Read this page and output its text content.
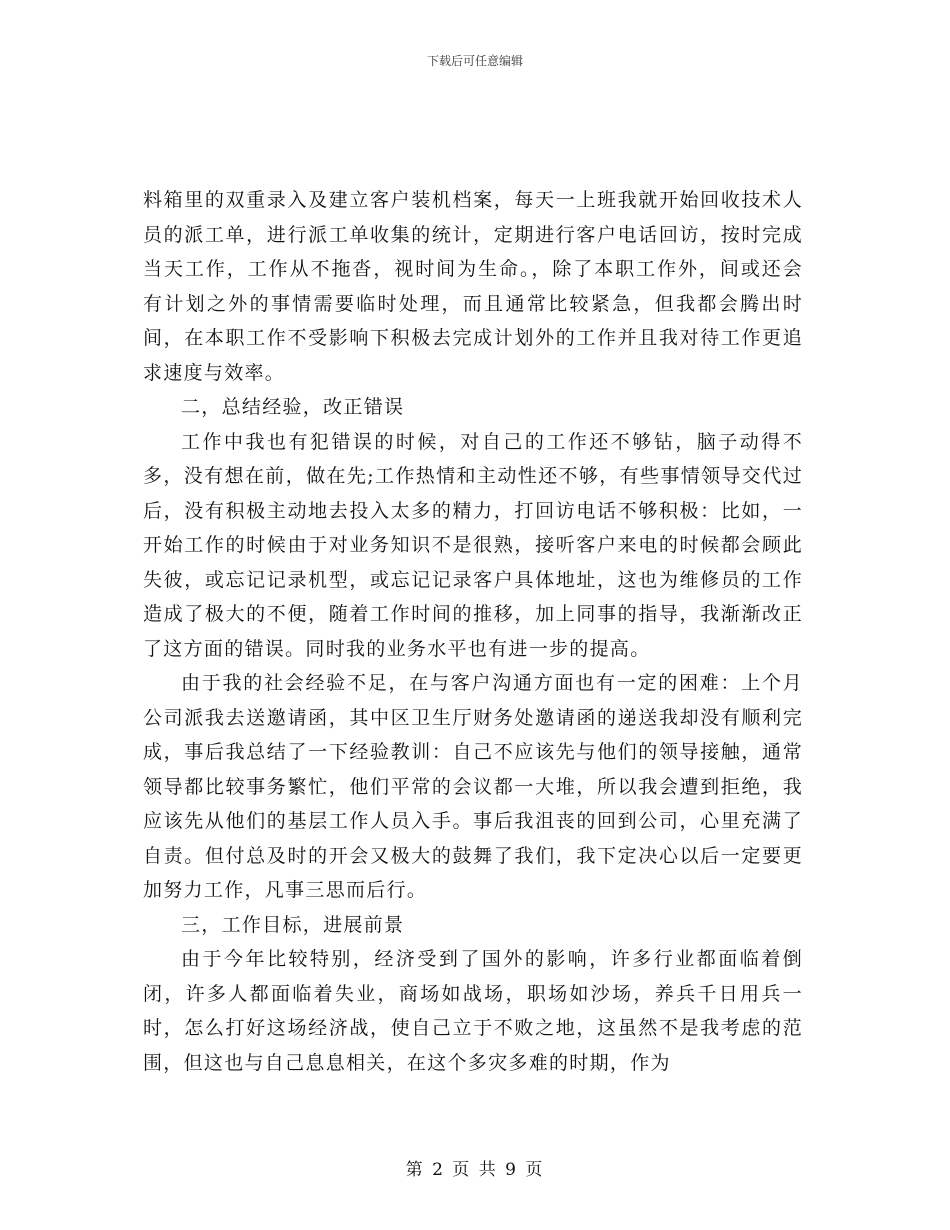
下载后可任意编辑

料箱里的双重录入及建立客户装机档案，每天一上班我就开始回收技术人员的派工单，进行派工单收集的统计，定期进行客户电话回访，按时完成当天工作，工作从不拖沓，视时间为生命。，除了本职工作外，间或还会有计划之外的事情需要临时处理，而且通常比较紧急，但我都会腾出时间，在本职工作不受影响下积极去完成计划外的工作并且我对待工作更追求速度与效率。

二，总结经验，改正错误

工作中我也有犯错误的时候，对自己的工作还不够钻，脑子动得不多，没有想在前，做在先;工作热情和主动性还不够，有些事情领导交代过后，没有积极主动地去投入太多的精力，打回访电话不够积极：比如，一开始工作的时候由于对业务知识不是很熟，接听客户来电的时候都会顾此失彼，或忘记记录机型，或忘记记录客户具体地址，这也为维修员的工作造成了极大的不便，随着工作时间的推移，加上同事的指导，我渐渐改正了这方面的错误。同时我的业务水平也有进一步的提高。

由于我的社会经验不足，在与客户沟通方面也有一定的困难：上个月公司派我去送邀请函，其中区卫生厅财务处邀请函的递送我却没有顺利完成，事后我总结了一下经验教训：自己不应该先与他们的领导接触，通常领导都比较事务繁忙，他们平常的会议都一大堆，所以我会遭到拒绝，我应该先从他们的基层工作人员入手。事后我沮丧的回到公司，心里充满了自责。但付总及时的开会又极大的鼓舞了我们，我下定决心以后一定要更加努力工作，凡事三思而后行。

三，工作目标，进展前景

由于今年比较特别，经济受到了国外的影响，许多行业都面临着倒闭，许多人都面临着失业，商场如战场，职场如沙场，养兵千日用兵一时，怎么打好这场经济战，使自己立于不败之地，这虽然不是我考虑的范围，但这也与自己息息相关，在这个多灾多难的时期，作为

第 2 页 共 9 页
